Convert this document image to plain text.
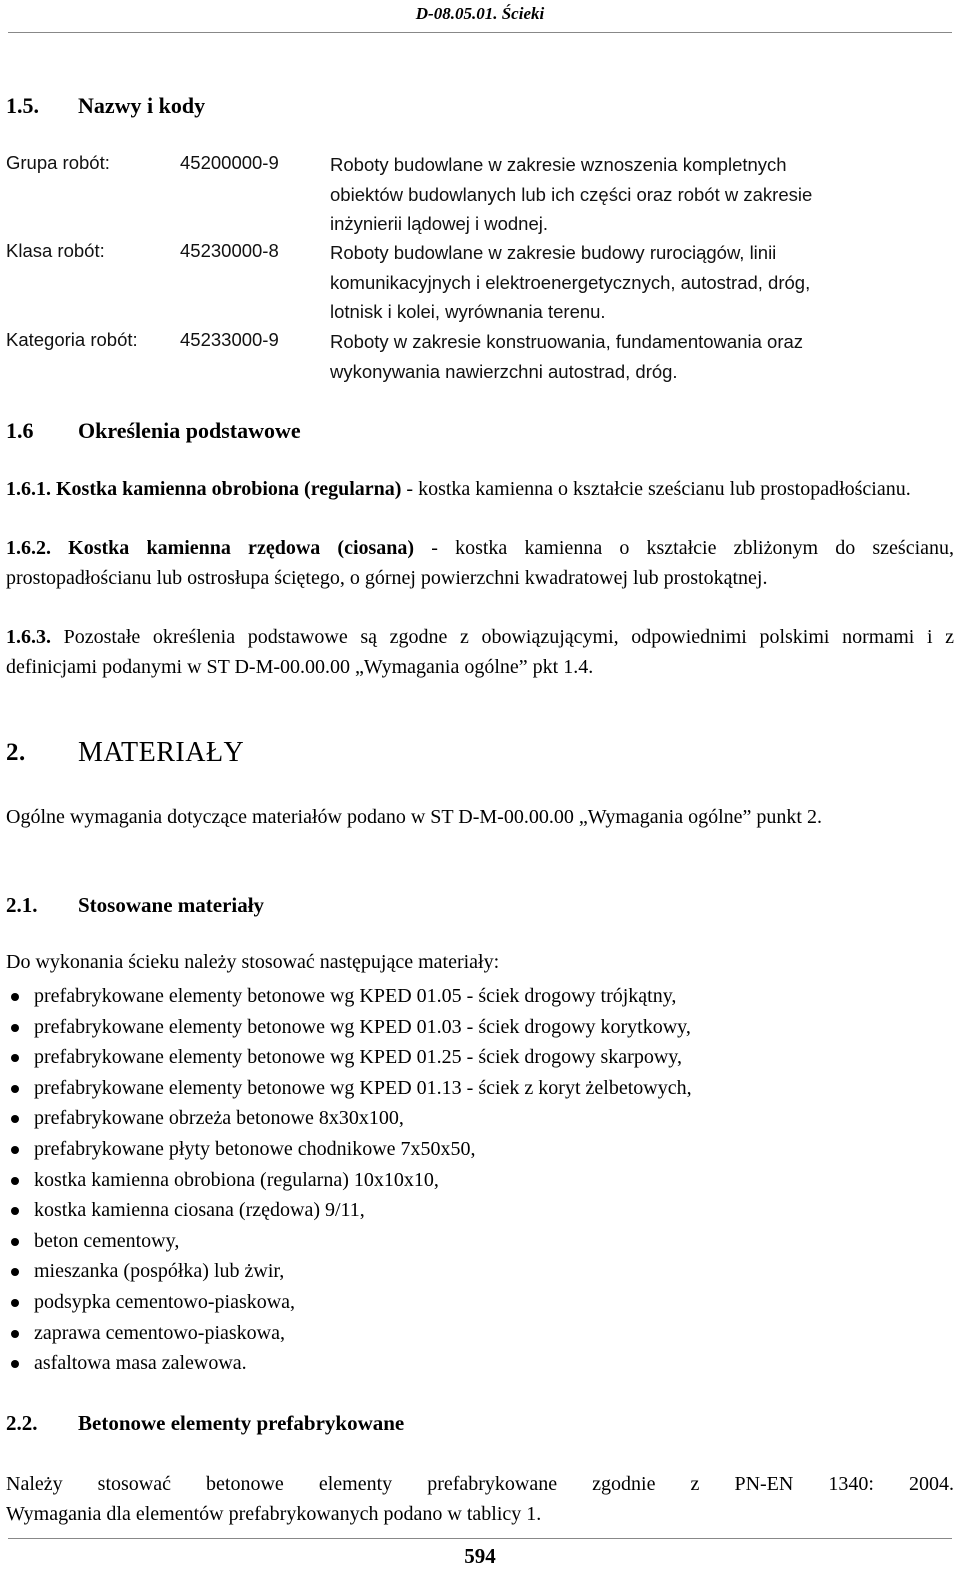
D-08.05.01. Ścieki
1.5. Nazwy i kody
Grupa robót:	45200000-9	Roboty budowlane w zakresie wznoszenia kompletnych
obiektów budowlanych lub ich części oraz robót w zakresie
inżynierii lądowej i wodnej.
Klasa robót:	45230000-8	Roboty budowlane w zakresie budowy rurociągów, linii
komunikacyjnych i elektroenergetycznych, autostrad, dróg,
lotnisk i kolei, wyrównania terenu.
Kategoria robót: 45233000-9	Roboty w zakresie konstruowania, fundamentowania oraz
wykonywania nawierzchni autostrad, dróg.
1.6 Określenia podstawowe
1.6.1. Kostka kamienna obrobiona (regularna) - kostka kamienna o kształcie sześcianu lub prostopadłościanu.
1.6.2. Kostka kamienna rzędowa (ciosana) - kostka kamienna o kształcie zbliżonym do sześcianu, prostopadłościanu lub ostrosłupa ściętego, o górnej powierzchni kwadratowej lub prostokątnej.
1.6.3. Pozostałe określenia podstawowe są zgodne z obowiązującymi, odpowiednimi polskimi normami i z definicjami podanymi w ST D-M-00.00.00 „Wymagania ogólne” pkt 1.4.
2. MATERIAŁY
Ogólne wymagania dotyczące materiałów podano w ST D-M-00.00.00 „Wymagania ogólne” punkt 2.
2.1. Stosowane materiały
Do wykonania ścieku należy stosować następujące materiały:
prefabrykowane elementy betonowe wg KPED 01.05 - ściek drogowy trójkątny,
prefabrykowane elementy betonowe wg KPED 01.03 - ściek drogowy korytkowy,
prefabrykowane elementy betonowe wg KPED 01.25 - ściek drogowy skarpowy,
prefabrykowane elementy betonowe wg KPED 01.13 - ściek z koryt żelbetowych,
prefabrykowane obrzeża betonowe 8x30x100,
prefabrykowane płyty betonowe chodnikowe 7x50x50,
kostka kamienna obrobiona (regularna) 10x10x10,
kostka kamienna ciosana (rzędowa) 9/11,
beton cementowy,
mieszanka (pospółka) lub żwir,
podsypka cementowo-piaskowa,
zaprawa cementowo-piaskowa,
asfaltowa masa zalewowa.
2.2. Betonowe elementy prefabrykowane
Należy stosować betonowe elementy prefabrykowane zgodnie z PN-EN 1340: 2004.
Wymagania dla elementów prefabrykowanych podano w tablicy 1.
594
